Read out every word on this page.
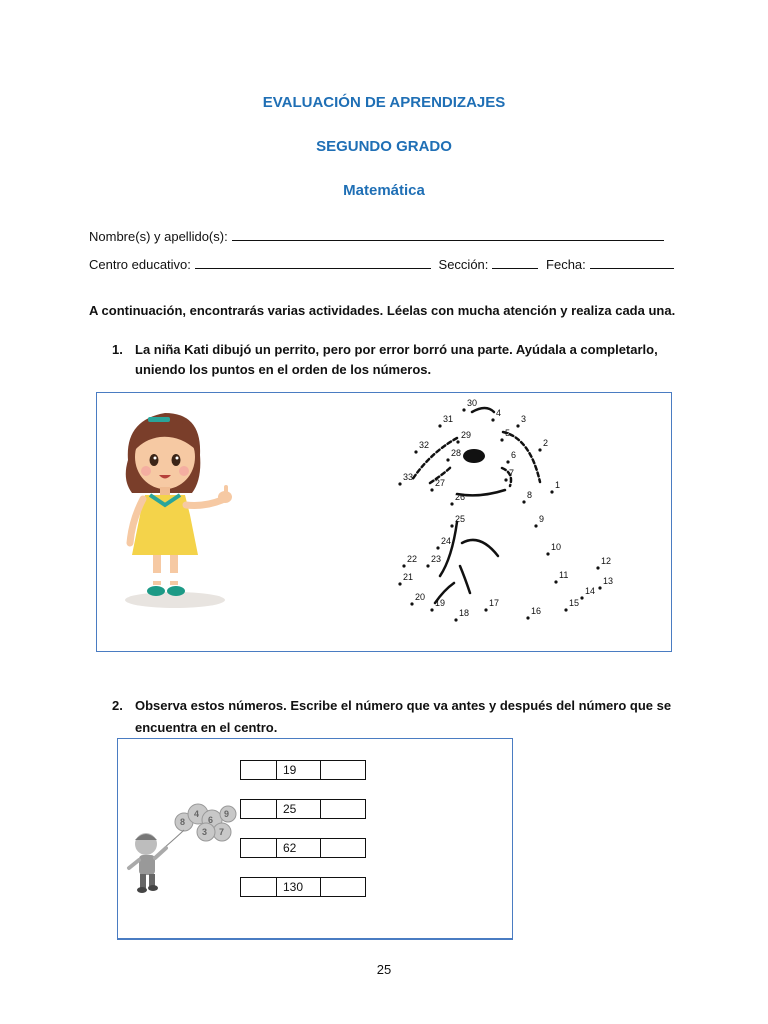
EVALUACIÓN DE APRENDIZAJES
SEGUNDO GRADO
Matemática
Nombre(s) y apellido(s):
Centro educativo:	Sección:	Fecha:
A continuación, encontrarás varias actividades. Léelas con mucha atención y realiza cada una.
1. La niña Kati dibujó un perrito, pero por error borró una parte. Ayúdala a completarlo,
uniendo los puntos en el orden de los números.
1
2
3
4
5
6
7
8
9
10
11
12
13
14
15
16
17
18
19
20
21
22 23
24
25
26
27
28
29
30
31
32
33
2. Observa estos números. Escribe el número que va antes y después del número que se
encuentra en el centro.
8
4
6
7
3
9
19
25
62
130
25
